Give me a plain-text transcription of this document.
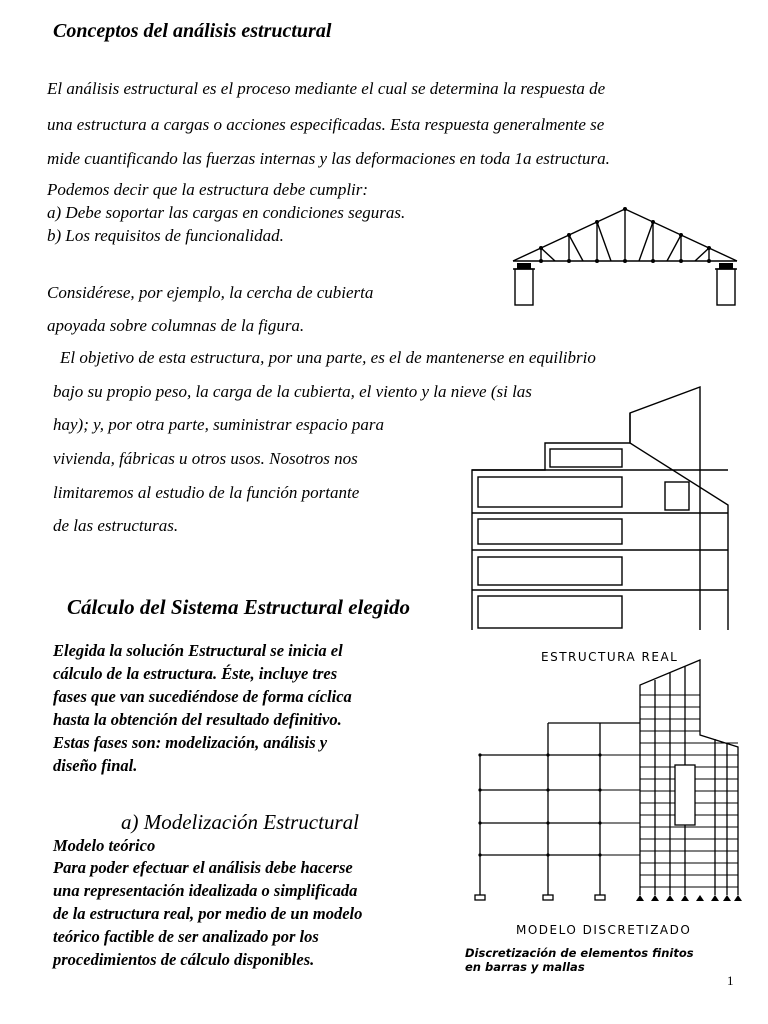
Conceptos del análisis estructural

El análisis estructural es el proceso mediante el cual se determina la respuesta de

una estructura a cargas o acciones especificadas. Esta respuesta generalmente se

mide cuantificando las fuerzas internas y las deformaciones en toda 1a estructura.

Podemos decir que la estructura debe cumplir:

a) Debe soportar las cargas en condiciones seguras.

b) Los requisitos de funcionalidad.

Considérese, por ejemplo, la cercha de cubierta

apoyada sobre columnas de la figura.

El objetivo de esta estructura, por una parte, es el de mantenerse en equilibrio

bajo su propio peso, la carga de la cubierta, el viento y la nieve (si las

hay); y, por otra parte, suministrar espacio para

vivienda, fábricas u otros usos. Nosotros nos

limitaremos al estudio de la función portante

de las estructuras.

Cálculo del Sistema Estructural elegido

Elegida la solución Estructural se inicia el

cálculo de la estructura. Éste, incluye tres

fases que van sucediéndose de forma cíclica

hasta la obtención del resultado definitivo.

Estas fases son: modelización, análisis y

diseño final.

a) Modelización Estructural

Modelo teórico

Para poder efectuar el análisis debe hacerse

una representación idealizada o simplificada

de la estructura real, por medio de un modelo

teórico factible de ser analizado por los

procedimientos de cálculo disponibles.

ESTRUCTURA REAL

MODELO DISCRETIZADO

Discretización de elementos finitos

en barras y mallas

1
